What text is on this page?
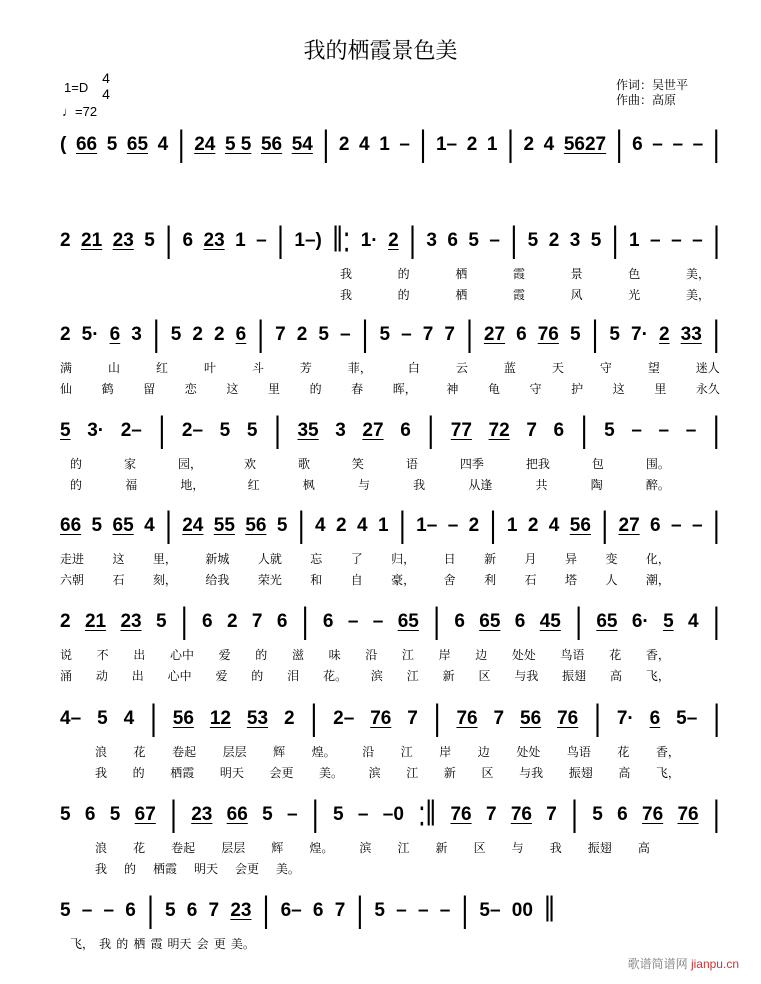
我的栖霞景色美
1=D
4
4
♩=72
作词：吴世平
作曲：高原
( 66 5 65 4 | 24 5 5 56 54 | 2 4 1 – | 1– 2 1 | 2 4 5627 | 6 – – – |
2 21 23 5 | 6 23 1 – | 1–) ‖: 1· 2 | 3 6 5 – | 5 2 3 5 | 1 – – – |
我	的	栖	霞	景	色	美，
我	的	栖	霞	风	光	美，
2 5· 6 3 | 5 2 2 6 | 7 2 5 – | 5 – 7 7 | 27 6 76 5 | 5 7· 2 33 |
满	山	红	叶	斗	芳	菲，	白	云	蓝	天	守	望	迷人
仙 鹤 留 恋 这 里 的 春 晖， 神 龟 守 护 这 里 永久
5 3· 2– | 2– 5 5 | 35 3 27 6 | 77 72 7 6 | 5 – – – |
的	家	园，	欢	歌	笑	语	四季	把我	包	围。
的	福	地，	红	枫	与	我	从逢	共	陶	醉。
66 5 65 4 | 24 55 56 5 | 4 2 4 1 | 1– – 2 | 1 2 4 56 | 27 6 – – |
走进 这 里， 新城 人就 忘 了 归， 日 新 月 异 变 化，
六朝 石 刻， 给我 荣光 和 自 豪， 舍 利 石 塔 人 潮，
2 21 23 5 | 6 2 7 6 | 6 – – 65 | 6 65 6 45 | 65 6· 5 4 |
说 不 出 心中 爱 的 滋 味 沿 江 岸 边 处处 鸟语 花 香，
涌 动 出 心中 爱 的 泪 花。 滨 江 新 区 与我 振翅 高 飞，
4– 5 4 | 56 12 53 2 | 2– 76 7 | 76 7 56 76 | 7· 6 5– |
浪 花 卷起 层层 辉 煌。 沿 江 岸 边 处处 鸟语 花 香，
我 的 栖霞 明天 会更 美。 滨 江 新 区 与我 振翅 高 飞，
5 6 5 67 | 23 66 5 – | 5 – –0 :‖ 76 7 76 7 | 5 6 76 76 |
浪 花 卷起 层层 辉 煌。 滨 江 新 区 与 我 振翅 高
我 的 栖霞 明天 会更 美。
5 – – 6 | 5 6 7 23 | 6– 6 7 | 5 – – – | 5– 00 ‖
飞， 我 的 栖 霞 明天 会 更 美。
歌谱简谱网 jianpu.cn
